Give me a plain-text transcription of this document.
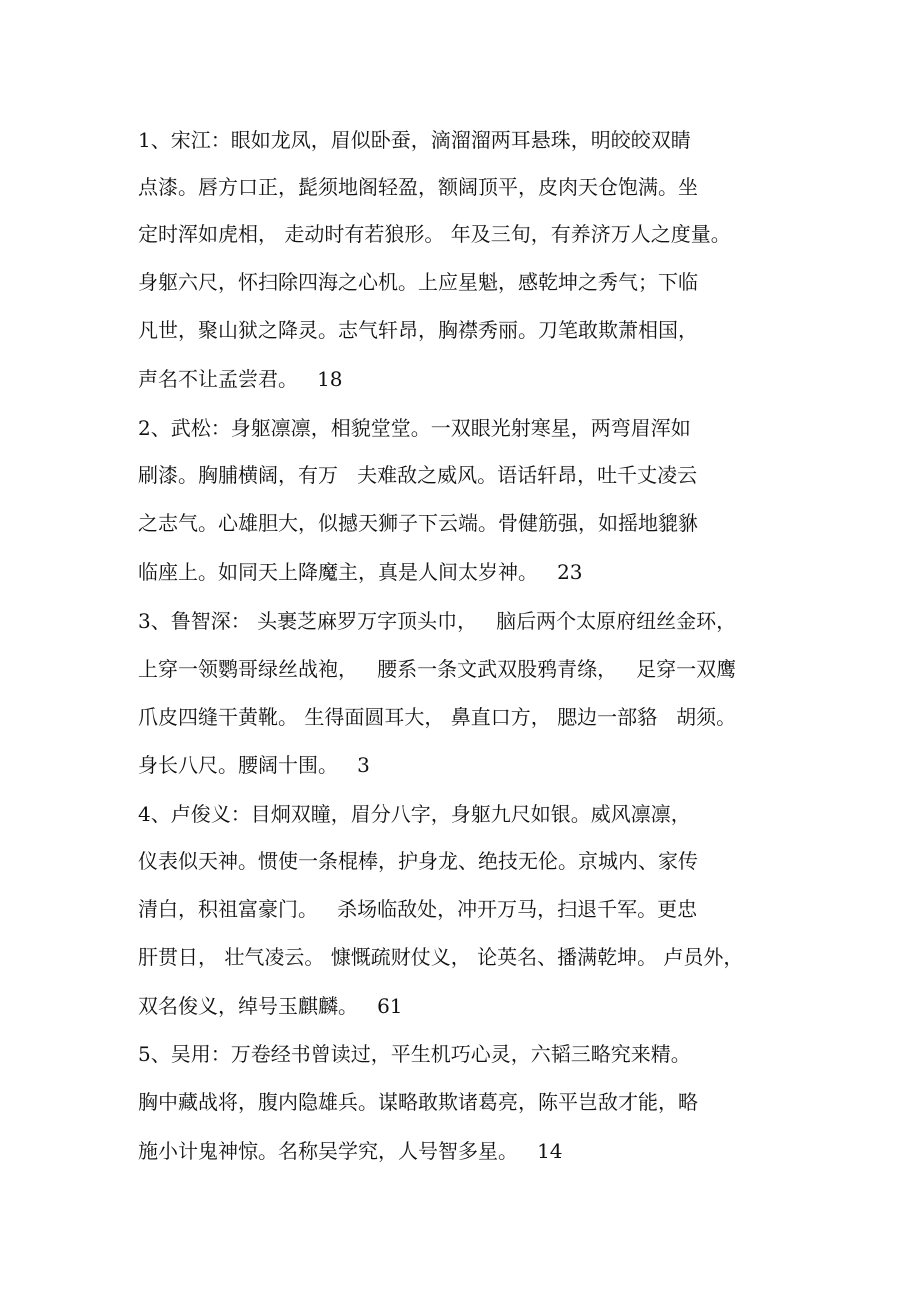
1、宋江：眼如龙凤，眉似卧蚕，滴溜溜两耳悬珠，明皎皎双睛
点漆。唇方口正，髭须地阁轻盈，额阔顶平，皮肉天仓饱满。坐
定时浑如虎相， 走动时有若狼形。 年及三旬，有养济万人之度量。
身躯六尺，怀扫除四海之心机。上应星魁，感乾坤之秀气；下临
凡世，聚山狱之降灵。志气轩昂，胸襟秀丽。刀笔敢欺萧相国，
声名不让孟尝君。   18
2、武松：身躯凛凛，相貌堂堂。一双眼光射寒星，两弯眉浑如
刷漆。胸脯横阔，有万   夫难敌之威风。语话轩昂，吐千丈凌云
之志气。心雄胆大，似撼天狮子下云端。骨健筋强，如摇地貔貅
临座上。如同天上降魔主，真是人间太岁神。   23
3、鲁智深： 头裹芝麻罗万字顶头巾，   脑后两个太原府纽丝金环，
上穿一领鹦哥绿丝战袍，   腰系一条文武双股鸦青绦，   足穿一双鹰
爪皮四缝干黄靴。 生得面圆耳大， 鼻直口方， 腮边一部貉   胡须。
身长八尺。腰阔十围。   3
4、卢俊义：目炯双瞳，眉分八字，身躯九尺如银。威风凛凛，
仪表似天神。惯使一条棍棒，护身龙、绝技无伦。京城内、家传
清白，积祖富豪门。   杀场临敌处，冲开万马，扫退千军。更忠
肝贯日， 壮气凌云。 慷慨疏财仗义， 论英名、播满乾坤。 卢员外，
双名俊义，绰号玉麒麟。   61
5、吴用：万卷经书曾读过，平生机巧心灵，六韬三略究来精。
胸中藏战将，腹内隐雄兵。谋略敢欺诸葛亮，陈平岂敌才能，略
施小计鬼神惊。名称吴学究，人号智多星。   14
